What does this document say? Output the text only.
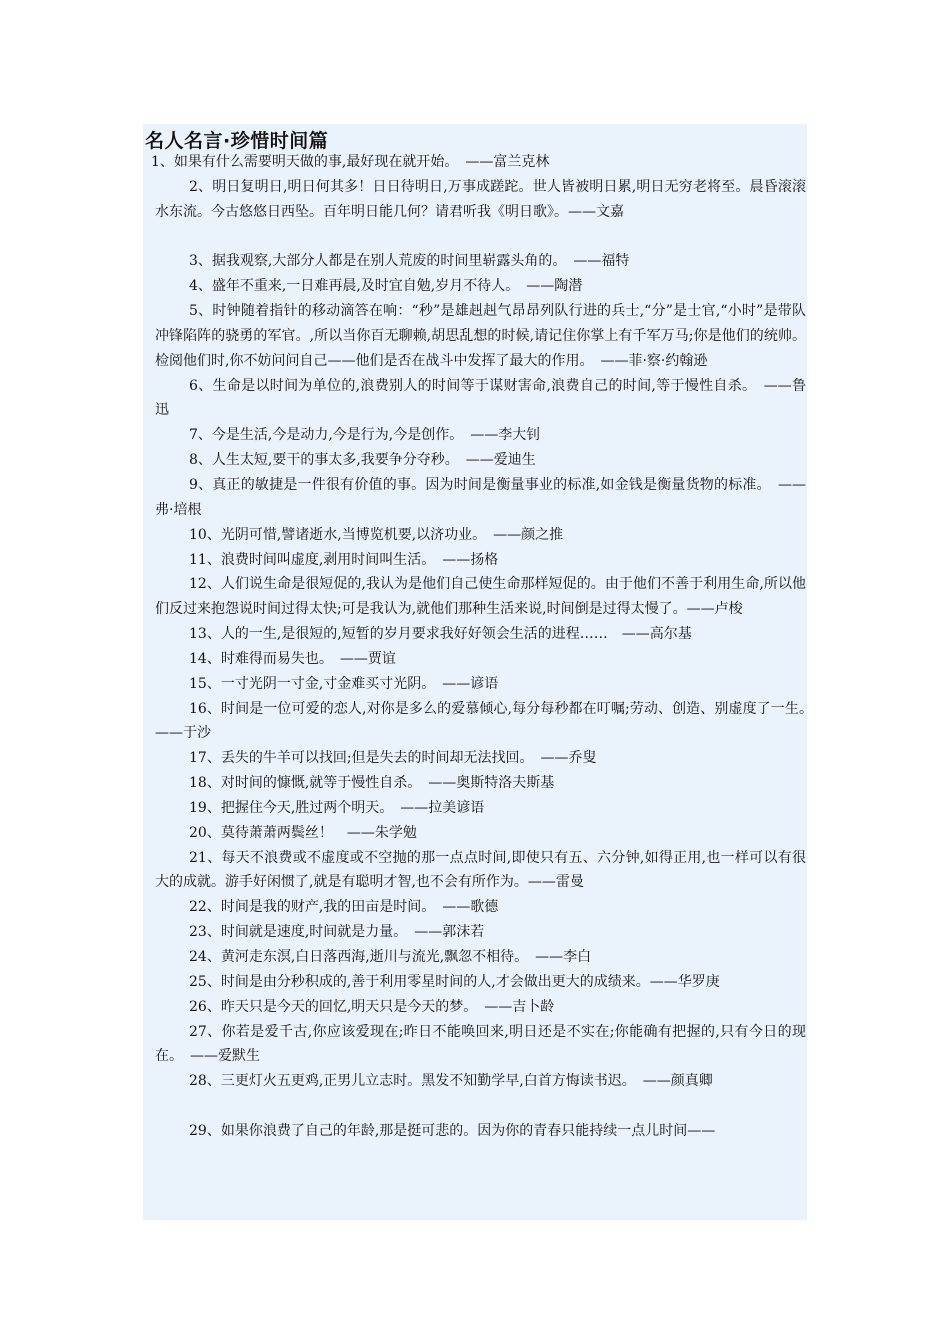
名人名言·珍惜时间篇

1、如果有什么需要明天做的事,最好现在就开始。　——富兰克林

2、明日复明日,明日何其多！日日待明日,万事成蹉跎。世人皆被明日累,明日无穷老将至。晨昏滚滚水东流。今古悠悠日西坠。百年明日能几何？请君听我《明日歌》。——文嘉

3、据我观察,大部分人都是在别人荒废的时间里崭露头角的。　——福特

4、盛年不重来,一日难再晨,及时宜自勉,岁月不待人。　——陶潜

5、时钟随着指针的移动滴答在响：“秒”是雄赳赳气昂昂列队行进的兵士,“分”是士官,“小时”是带队冲锋陷阵的骁勇的军官。,所以当你百无聊赖,胡思乱想的时候,请记住你掌上有千军万马;你是他们的统帅。检阅他们时,你不妨问问自己——他们是否在战斗中发挥了最大的作用。　——菲·察·约翰逊

6、生命是以时间为单位的,浪费别人的时间等于谋财害命,浪费自己的时间,等于慢性自杀。　——鲁迅

7、今是生活,今是动力,今是行为,今是创作。　——李大钊

8、人生太短,要干的事太多,我要争分夺秒。　——爱迪生

9、真正的敏捷是一件很有价值的事。因为时间是衡量事业的标准,如金钱是衡量货物的标准。　——弗·培根

10、光阴可惜,譬诸逝水,当博览机要,以济功业。　——颜之推

11、浪费时间叫虚度,剥用时间叫生活。　——扬格

12、人们说生命是很短促的,我认为是他们自己使生命那样短促的。由于他们不善于利用生命,所以他们反过来抱怨说时间过得太快;可是我认为,就他们那种生活来说,时间倒是过得太慢了。——卢梭

13、人的一生,是很短的,短暂的岁月要求我好好领会生活的进程……　——高尔基

14、时难得而易失也。　——贾谊

15、一寸光阴一寸金,寸金难买寸光阴。　——谚语

16、时间是一位可爱的恋人,对你是多么的爱慕倾心,每分每秒都在叮嘱;劳动、创造、别虚度了一生。　——于沙

17、丢失的牛羊可以找回;但是失去的时间却无法找回。　——乔叟

18、对时间的慷慨,就等于慢性自杀。　——奥斯特洛夫斯基

19、把握住今天,胜过两个明天。　——拉美谚语

20、莫待萧萧两鬓丝！　——朱学勉

21、每天不浪费或不虚度或不空抛的那一点点时间,即使只有五、六分钟,如得正用,也一样可以有很大的成就。游手好闲惯了,就是有聪明才智,也不会有所作为。——雷曼

22、时间是我的财产,我的田亩是时间。　——歌德

23、时间就是速度,时间就是力量。　——郭沫若

24、黄河走东溟,白日落西海,逝川与流光,飘忽不相待。　——李白

25、时间是由分秒积成的,善于利用零星时间的人,才会做出更大的成绩来。——华罗庚

26、昨天只是今天的回忆,明天只是今天的梦。　——吉卜龄

27、你若是爱千古,你应该爱现在;昨日不能唤回来,明日还是不实在;你能确有把握的,只有今日的现在。　——爱默生

28、三更灯火五更鸡,正男儿立志时。黑发不知勤学早,白首方悔读书迟。　——颜真卿

29、如果你浪费了自己的年龄,那是挺可悲的。因为你的青春只能持续一点儿时间——
